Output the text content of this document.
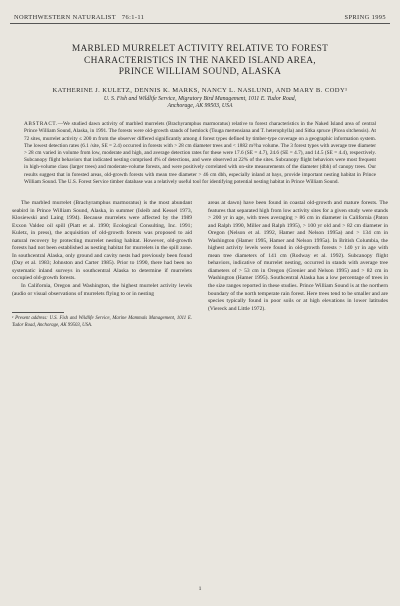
NORTHWESTERN NATURALIST 76:1-11	SPRING 1995
MARBLED MURRELET ACTIVITY RELATIVE TO FOREST
CHARACTERISTICS IN THE NAKED ISLAND AREA,
PRINCE WILLIAM SOUND, ALASKA
KATHERINE J. KULETZ, DENNIS K. MARKS, NANCY L. NASLUND, AND MARY B. CODY¹
U. S. Fish and Wildlife Service, Migratory Bird Management, 1011 E. Tudor Road,
Anchorage, AK 99503, USA
ABSTRACT.—We studied dawn activity of marbled murrelets (Brachyramphus marmoratus) relative to forest characteristics in the Naked Island area of central Prince William Sound, Alaska, in 1991. The forests were old-growth stands of hemlock (Tsuga mertensiana and T. heterophylla) and Sitka spruce (Picea sitchensis). At 72 sites, murrelet activity ≤ 200 m from the observer differed significantly among 4 forest types defined by timber-type coverage on a geographic information system. The lowest detection rates (6.1 /site, SE = 2.4) occurred in forests with > 28 cm diameter trees and < 1882 m³/ha volume. The 3 forest types with average tree diameter > 28 cm varied in volume from low, moderate and high, and average detection rates for these were 17.6 (SE = 4.7), 24.6 (SE = 4.7), and 14.5 (SE = 4.4), respectively. Subcanopy flight behaviors that indicated nesting comprised 4% of detections, and were observed at 22% of the sites. Subcanopy flight behaviors were most frequent in high-volume class (larger trees) and moderate-volume forests, and were positively correlated with on-site measurements of the diameter (dbh) of canopy trees. Our results suggest that in forested areas, old-growth forests with mean tree diameter > 46 cm dbh, especially inland at bays, provide important nesting habitat in Prince William Sound. The U.S. Forest Service timber database was a relatively useful tool for identifying potential nesting habitat in Prince William Sound.

The marbled murrelet (Brachyramphus marmoratus) is the most abundant seabird in Prince William Sound, Alaska, in summer (Isleib and Kessel 1973, Klosiewski and Laing 1994). Because murrelets were affected by the 1989 Exxon Valdez oil spill (Piatt et al. 1990; Ecological Consulting, Inc. 1991; Kuletz, in press), the acquisition of old-growth forests was proposed to aid natural recovery by protecting murrelet nesting habitat. However, old-growth forests had not been established as nesting habitat for murrelets in the spill zone. In southcentral Alaska, only ground and cavity nests had previously been found (Day et al. 1983; Johnston and Carter 1985). Prior to 1990, there had been no systematic inland surveys in southcentral Alaska to determine if murrelets occupied old-growth forests.

In California, Oregon and Washington, the highest murrelet activity levels (audio or visual observations of murrelets flying to or in nesting

¹ Present address: U.S. Fish and Wildlife Service, Marine Mammals Management, 1011 E. Tudor Road, Anchorage, AK 99503, USA.

areas at dawn) have been found in coastal old-growth and mature forests. The features that separated high from low activity sites for a given study were stands > 200 yr in age, with trees averaging > 86 cm in diameter in California (Paton and Ralph 1990, Miller and Ralph 1995), > 100 yr old and > 82 cm diameter in Oregon (Nelson et al. 1992, Hamer and Nelson 1995a) and > 134 cm in Washington (Hamer 1995, Hamer and Nelson 1995a). In British Columbia, the highest activity levels were found in old-growth forests > 140 yr in age with mean tree diameters of 141 cm (Rodway et al. 1992). Subcanopy flight behaviors, indicative of murrelet nesting, occurred in stands with average tree diameters of > 53 cm in Oregon (Grenier and Nelson 1995) and > 82 cm in Washington (Hamer 1995). Southcentral Alaska has a low percentage of trees in the size ranges reported in these studies. Prince William Sound is at the northern boundary of the north temperate rain forest. Here trees tend to be smaller and are species typically found in poor soils or at high elevations in lower latitudes (Viereck and Little 1972).

1
